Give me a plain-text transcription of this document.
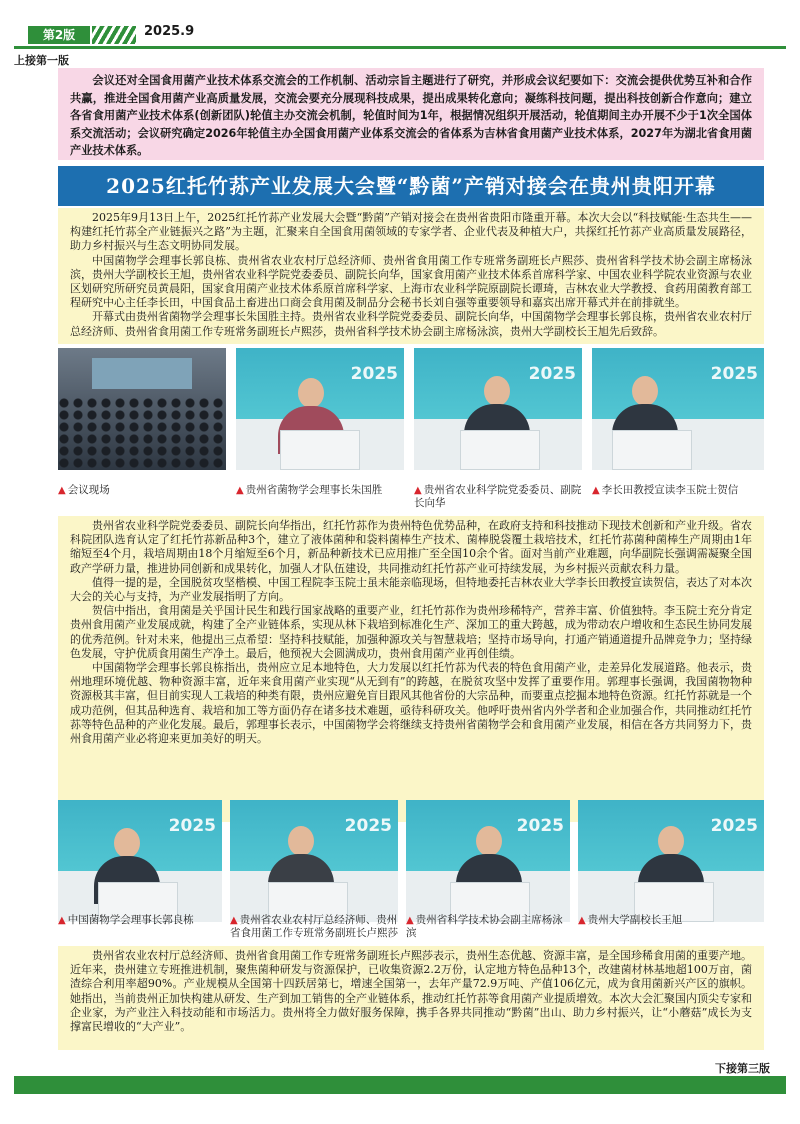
第2版	2025.9
上接第一版
会议还对全国食用菌产业技术体系交流会的工作机制、活动宗旨主题进行了研究，并形成会议纪要如下：交流会提供优势互补和合作共赢，推进全国食用菌产业高质量发展，交流会要充分展现科技成果，提出成果转化意向；凝练科技问题，提出科技创新合作意向；建立各省食用菌产业技术体系(创新团队)轮值主办交流会机制，轮值时间为1年，根据情况组织开展活动，轮值期间主办开展不少于1次全国体系交流活动；会议研究确定2026年轮值主办全国食用菌产业体系交流会的省体系为吉林省食用菌产业技术体系，2027年为湖北省食用菌产业技术体系。
2025红托竹荪产业发展大会暨“黔菌”产销对接会在贵州贵阳开幕

2025年9月13日上午，2025红托竹荪产业发展大会暨“黔菌”产销对接会在贵州省贵阳市隆重开幕。本次大会以“科技赋能·生态共生——构建红托竹荪全产业链振兴之路”为主题，汇聚来自全国食用菌领域的专家学者、企业代表及种植大户，共探红托竹荪产业高质量发展路径，助力乡村振兴与生态文明协同发展。

中国菌物学会理事长郭良栋、贵州省农业农村厅总经济师、贵州省食用菌工作专班常务副班长卢熙莎、贵州省科学技术协会副主席杨泳滨，贵州大学副校长王旭，贵州省农业科学院党委委员、副院长向华，国家食用菌产业技术体系首席科学家、中国农业科学院农业资源与农业区划研究所研究员黄晨阳，国家食用菌产业技术体系原首席科学家、上海市农业科学院原副院长谭琦，吉林农业大学教授、食药用菌教育部工程研究中心主任李长田，中国食品土畜进出口商会食用菌及制品分会秘书长刘自强等重要领导和嘉宾出席开幕式并在前排就坐。

开幕式由贵州省菌物学会理事长朱国胜主持。贵州省农业科学院党委委员、副院长向华，中国菌物学会理事长郭良栋，贵州省农业农村厅总经济师、贵州省食用菌工作专班常务副班长卢熙莎，贵州省科学技术协会副主席杨泳滨，贵州大学副校长王旭先后致辞。

2025	2025	2025
▲ 会议现场	▲ 贵州省菌物学会理事长朱国胜	▲ 贵州省农业科学院党委委员、副院长向华
▲ 李长田教授宣读李玉院士贺信

贵州省农业科学院党委委员、副院长向华指出，红托竹荪作为贵州特色优势品种，在政府支持和科技推动下现技术创新和产业升级。省农科院团队选育认定了红托竹荪新品种3个，建立了液体菌种和袋料菌棒生产技术、菌棒脱袋覆土栽培技术，红托竹荪菌种菌棒生产周期由1年缩短至4个月，栽培周期由18个月缩短至6个月，新品种新技术已应用推广至全国10余个省。面对当前产业难题，向华副院长强调需凝聚全国政产学研力量，推进协同创新和成果转化，加强人才队伍建设，共同推动红托竹荪产业可持续发展，为乡村振兴贡献农科力量。

值得一提的是，全国脱贫攻坚楷模、中国工程院李玉院士虽未能亲临现场，但特地委托吉林农业大学李长田教授宣读贺信，表达了对本次大会的关心与支持，为产业发展指明了方向。

贺信中指出，食用菌是关乎国计民生和践行国家战略的重要产业，红托竹荪作为贵州珍稀特产，营养丰富、价值独特。李玉院士充分肯定贵州食用菌产业发展成就，构建了全产业链体系，实现从林下栽培到标准化生产、深加工的重大跨越，成为带动农户增收和生态民生协同发展的优秀范例。针对未来，他提出三点希望：坚持科技赋能，加强种源攻关与智慧栽培；坚持市场导向，打通产销通道提升品牌竞争力；坚持绿色发展，守护优质食用菌生产净土。最后，他预祝大会圆满成功，贵州食用菌产业再创佳绩。

中国菌物学会理事长郭良栋指出，贵州应立足本地特色，大力发展以红托竹荪为代表的特色食用菌产业，走差异化发展道路。他表示，贵州地理环境优越、物种资源丰富，近年来食用菌产业实现“从无到有”的跨越，在脱贫攻坚中发挥了重要作用。郭理事长强调，我国菌物物种资源极其丰富，但目前实现人工栽培的种类有限，贵州应避免盲目跟风其他省份的大宗品种，而要重点挖掘本地特色资源。红托竹荪就是一个成功范例，但其品种选育、栽培和加工等方面仍存在诸多技术难题，亟待科研攻关。他呼吁贵州省内外学者和企业加强合作，共同推动红托竹荪等特色品种的产业化发展。最后，郭理事长表示，中国菌物学会将继续支持贵州省菌物学会和食用菌产业发展，相信在各方共同努力下，贵州食用菌产业必将迎来更加美好的明天。

2025	2025	2025	2025
▲ 中国菌物学会理事长郭良栋	▲ 贵州省农业农村厅总经济师、贵州省食用菌工作专班常务副班长卢熙莎
▲ 贵州省科学技术协会副主席杨泳滨
▲ 贵州大学副校长王旭

贵州省农业农村厅总经济师、贵州省食用菌工作专班常务副班长卢熙莎表示，贵州生态优越、资源丰富，是全国珍稀食用菌的重要产地。近年来，贵州建立专班推进机制，聚焦菌种研发与资源保护，已收集资源2.2万份，认定地方特色品种13个，改建菌材林基地超100万亩，菌渣综合利用率超90%。产业规模从全国第十四跃居第七，增速全国第一，去年产量72.9万吨、产值106亿元，成为食用菌新兴产区的旗帜。她指出，当前贵州正加快构建从研发、生产到加工销售的全产业链体系，推动红托竹荪等食用菌产业提质增效。本次大会汇聚国内顶尖专家和企业家，为产业注入科技动能和市场活力。贵州将全力做好服务保障，携手各界共同推动“黔菌”出山、助力乡村振兴，让“小蘑菇”成长为支撑富民增收的“大产业”。

下接第三版
